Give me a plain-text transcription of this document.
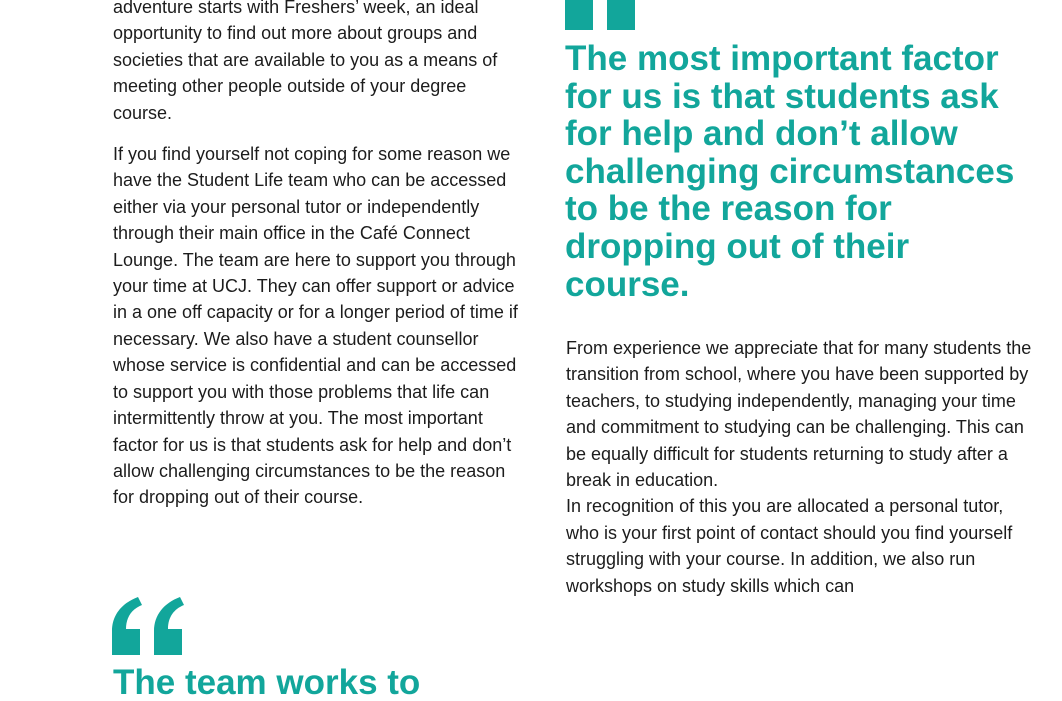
adventure starts with Freshers’ week, an ideal opportunity to find out more about groups and societies that are available to you as a means of meeting other people outside of your degree course.

If you find yourself not coping for some reason we have the Student Life team who can be accessed either via your personal tutor or independently through their main office in the Café Connect Lounge. The team are here to support you through your time at UCJ. They can offer support or advice in a one off capacity or for a longer period of time if necessary. We also have a student counsellor whose service is confidential and can be accessed to support you with those problems that life can intermittently throw at you. The most important factor for us is that students ask for help and don’t allow challenging circumstances to be the reason for dropping out of their course.

The most important factor for us is that students ask for help and don’t allow challenging circumstances to be the reason for dropping out of their course.

From experience we appreciate that for many students the transition from school, where you have been supported by teachers, to studying independently, managing your time and commitment to studying can be challenging. This can be equally difficult for students returning to study after a break in education.

In recognition of this you are allocated a personal tutor, who is your first point of contact should you find yourself struggling with your course. In addition, we also run workshops on study skills which can

The team works to
